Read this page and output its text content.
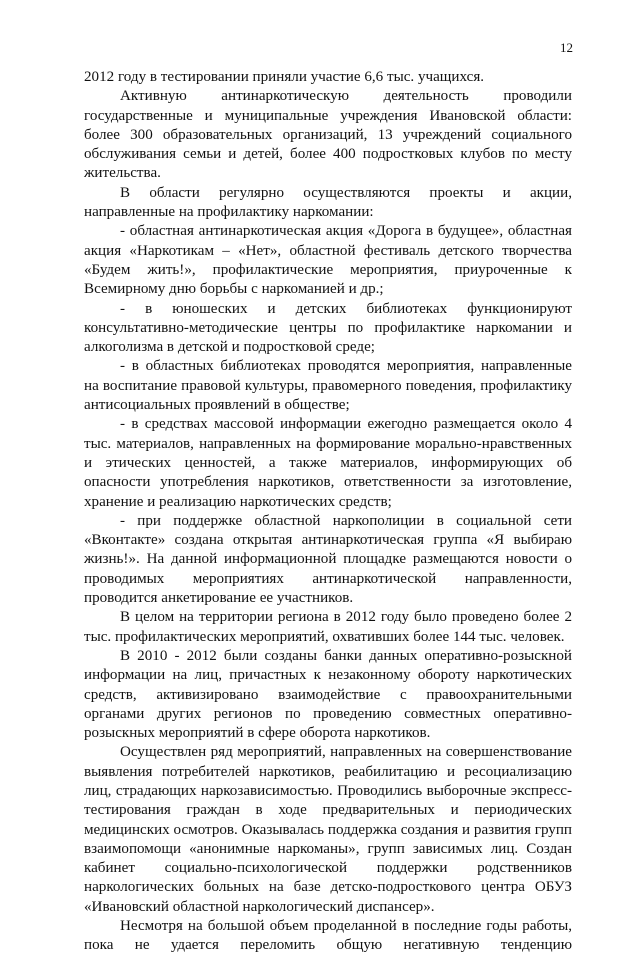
12
2012 году в тестировании приняли участие 6,6 тыс. учащихся.
Активную антинаркотическую деятельность проводили
государственные и муниципальные учреждения Ивановской области:
более 300 образовательных организаций, 13 учреждений социального
обслуживания семьи и детей, более 400 подростковых клубов по месту
жительства.
В области регулярно осуществляются проекты и акции,
направленные на профилактику наркомании:
- областная антинаркотическая акция «Дорога в будущее», областная
акция «Наркотикам – «Нет», областной фестиваль детского творчества
«Будем жить!», профилактические мероприятия, приуроченные к
Всемирному дню борьбы с наркоманией и др.;
- в юношеских и детских библиотеках функционируют
консультативно-методические центры по профилактике наркомании и
алкоголизма в детской и подростковой среде;
- в областных библиотеках проводятся мероприятия, направленные
на воспитание правовой культуры, правомерного поведения, профилактику
антисоциальных проявлений в обществе;
- в средствах массовой информации ежегодно размещается около 4
тыс. материалов, направленных на формирование морально-нравственных
и этических ценностей, а также материалов, информирующих об
опасности употребления наркотиков, ответственности за изготовление,
хранение и реализацию наркотических средств;
- при поддержке областной наркополиции в социальной сети
«Вконтакте» создана открытая антинаркотическая группа «Я выбираю
жизнь!». На данной информационной площадке размещаются новости о
проводимых мероприятиях антинаркотической направленности,
проводится анкетирование ее участников.
В целом на территории региона в 2012 году было проведено более 2
тыс. профилактических мероприятий, охвативших более 144 тыс. человек.
В 2010 - 2012 были созданы банки данных оперативно-розыскной
информации на лиц, причастных к незаконному обороту наркотических
средств, активизировано взаимодействие с правоохранительными
органами других регионов по проведению совместных оперативно-
розыскных мероприятий в сфере оборота наркотиков.
Осуществлен ряд мероприятий, направленных на совершенствование
выявления потребителей наркотиков, реабилитацию и ресоциализацию
лиц, страдающих наркозависимостью. Проводились выборочные экспресс-
тестирования граждан в ходе предварительных и периодических
медицинских осмотров. Оказывалась поддержка создания и развития групп
взаимопомощи «анонимные наркоманы», групп зависимых лиц. Создан
кабинет социально-психологической поддержки родственников
наркологических больных на базе детско-подросткового центра ОБУЗ
«Ивановский областной наркологический диспансер».
Несмотря на большой объем проделанной в последние годы работы,
пока не удается переломить общую негативную тенденцию
